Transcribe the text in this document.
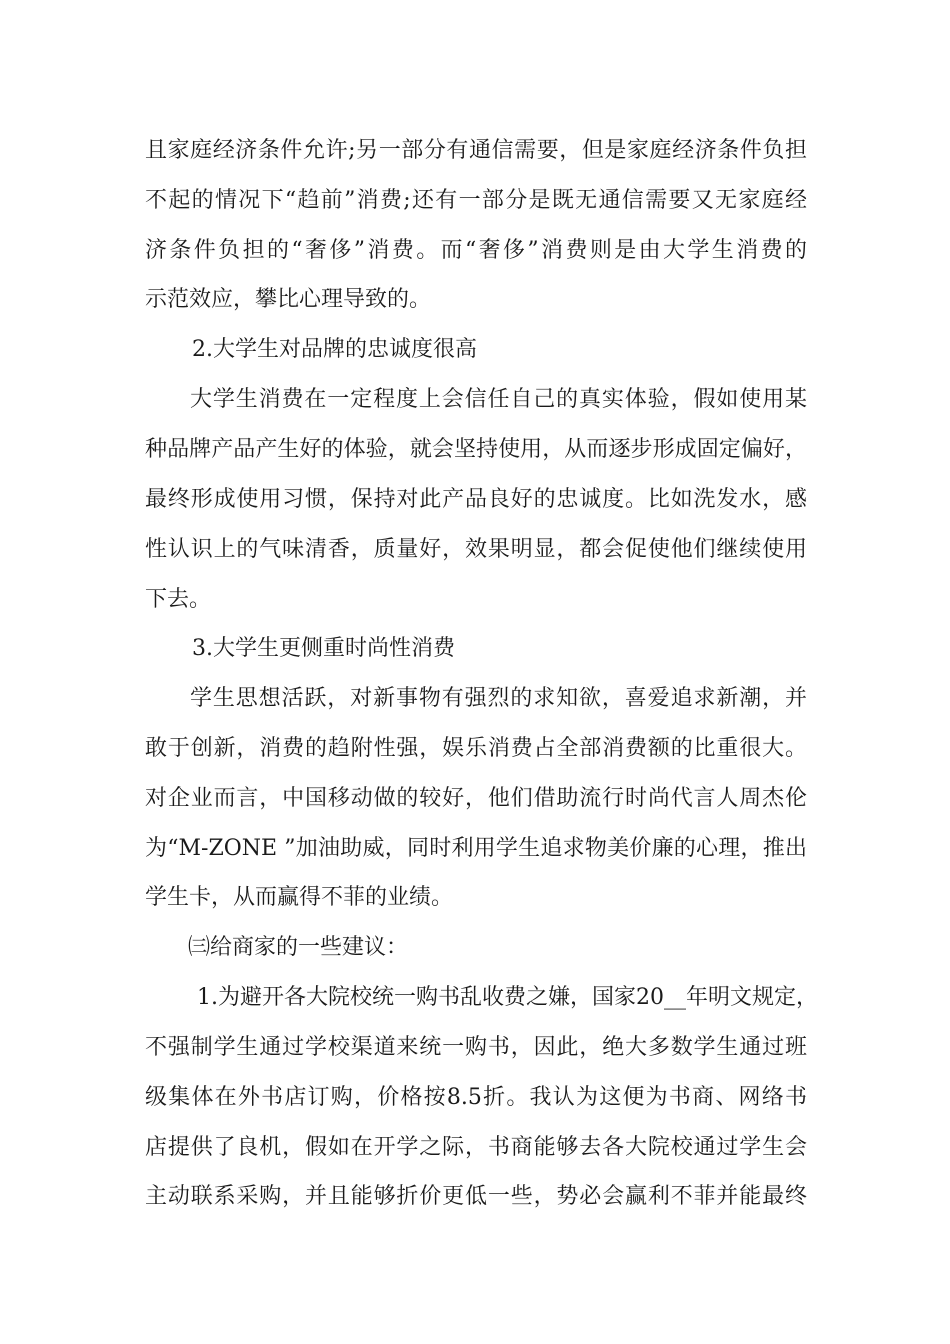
且家庭经济条件允许;另一部分有通信需要，但是家庭经济条件负担

不起的情况下“趋前”消费;还有一部分是既无通信需要又无家庭经

济条件负担的“奢侈”消费。而“奢侈”消费则是由大学生消费的

示范效应，攀比心理导致的。

2.大学生对品牌的忠诚度很高

大学生消费在一定程度上会信任自己的真实体验，假如使用某

种品牌产品产生好的体验，就会坚持使用，从而逐步形成固定偏好，

最终形成使用习惯，保持对此产品良好的忠诚度。比如洗发水，感

性认识上的气味清香，质量好，效果明显，都会促使他们继续使用

下去。

3.大学生更侧重时尚性消费

学生思想活跃，对新事物有强烈的求知欲，喜爱追求新潮，并

敢于创新，消费的趋附性强，娱乐消费占全部消费额的比重很大。

对企业而言，中国移动做的较好，他们借助流行时尚代言人周杰伦

为“M-ZONE ”加油助威，同时利用学生追求物美价廉的心理，推出

学生卡，从而赢得不菲的业绩。

㈢给商家的一些建议：

1.为避开各大院校统一购书乱收费之嫌，国家20__年明文规定，

不强制学生通过学校渠道来统一购书，因此，绝大多数学生通过班

级集体在外书店订购，价格按8.5折。我认为这便为书商、网络书

店提供了良机，假如在开学之际，书商能够去各大院校通过学生会

主动联系采购，并且能够折价更低一些，势必会赢利不菲并能最终
